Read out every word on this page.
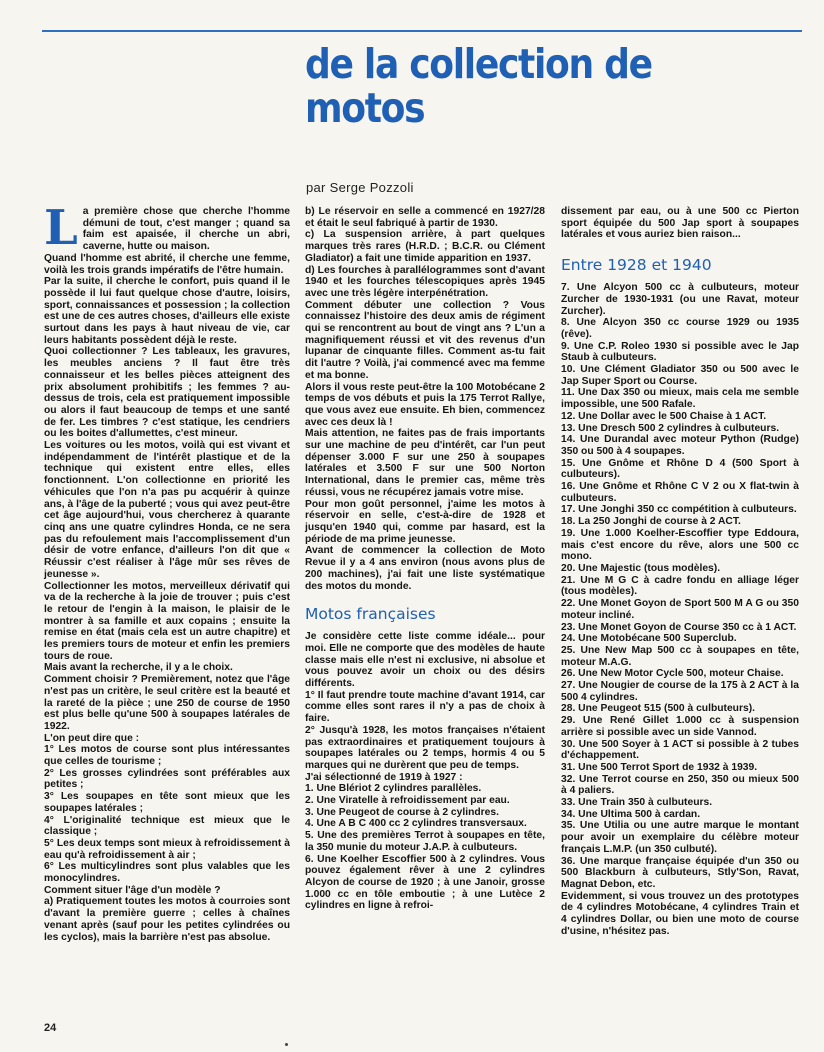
de la collection de motos
par Serge Pozzoli
L a première chose que cherche l'homme démuni de tout, c'est manger ; quand sa faim est apaisée, il cherche un abri, caverne, hutte ou maison.

Quand l'homme est abrité, il cherche une femme, voilà les trois grands impératifs de l'être humain.

Par la suite, il cherche le confort, puis quand il le possède il lui faut quelque chose d'autre, loisirs, sport, connaissances et possession ; la collection est une de ces autres choses, d'ailleurs elle existe surtout dans les pays à haut niveau de vie, car leurs habitants possèdent déjà le reste.

Quoi collectionner ? Les tableaux, les gravures, les meubles anciens ? Il faut être très connaisseur et les belles pièces atteignent des prix absolument prohibitifs ; les femmes ? au-dessus de trois, cela est pratiquement impossible ou alors il faut beaucoup de temps et une santé de fer. Les timbres ? c'est statique, les cendriers ou les boites d'allumettes, c'est mineur.

Les voitures ou les motos, voilà qui est vivant et indépendamment de l'intérêt plastique et de la technique qui existent entre elles, elles fonctionnent. L'on collectionne en priorité les véhicules que l'on n'a pas pu acquérir à quinze ans, à l'âge de la puberté ; vous qui avez peut-être cet âge aujourd'hui, vous chercherez à quarante cinq ans une quatre cylindres Honda, ce ne sera pas du refoulement mais l'accomplissement d'un désir de votre enfance, d'ailleurs l'on dit que « Réussir c'est réaliser à l'âge mûr ses rêves de jeunesse ».

Collectionner les motos, merveilleux dérivatif qui va de la recherche à la joie de trouver ; puis c'est le retour de l'engin à la maison, le plaisir de le montrer à sa famille et aux copains ; ensuite la remise en état (mais cela est un autre chapitre) et les premiers tours de moteur et enfin les premiers tours de roue.

Mais avant la recherche, il y a le choix.

Comment choisir ? Premièrement, notez que l'âge n'est pas un critère, le seul critère est la beauté et la rareté de la pièce ; une 250 de course de 1950 est plus belle qu'une 500 à soupapes latérales de 1922.

L'on peut dire que :

1° Les motos de course sont plus intéressantes que celles de tourisme ;

2° Les grosses cylindrées sont préférables aux petites ;

3° Les soupapes en tête sont mieux que les soupapes latérales ;

4° L'originalité technique est mieux que le classique ;

5° Les deux temps sont mieux à refroidissement à eau qu'à refroidissement à air ;

6° Les multicylindres sont plus valables que les monocylindres.

Comment situer l'âge d'un modèle ?

a) Pratiquement toutes les motos à courroies sont d'avant la première guerre ; celles à chaînes venant après (sauf pour les petites cylindrées ou les cyclos), mais la barrière n'est pas absolue.

b) Le réservoir en selle a commencé en 1927/28 et était le seul fabriqué à partir de 1930.

c) La suspension arrière, à part quelques marques très rares (H.R.D. ; B.C.R. ou Clément Gladiator) a fait une timide apparition en 1937.

d) Les fourches à parallélogrammes sont d'avant 1940 et les fourches télescopiques après 1945 avec une très légère interpénétration.

Comment débuter une collection ? Vous connaissez l'histoire des deux amis de régiment qui se rencontrent au bout de vingt ans ? L'un a magnifiquement réussi et vit des revenus d'un lupanar de cinquante filles. Comment as-tu fait dit l'autre ? Voilà, j'ai commencé avec ma femme et ma bonne.

Alors il vous reste peut-être la 100 Motobécane 2 temps de vos débuts et puis la 175 Terrot Rallye, que vous avez eue ensuite. Eh bien, commencez avec ces deux là !

Mais attention, ne faites pas de frais importants sur une machine de peu d'intérêt, car l'un peut dépenser 3.000 F sur une 250 à soupapes latérales et 3.500 F sur une 500 Norton International, dans le premier cas, même très réussi, vous ne récupérez jamais votre mise.

Pour mon goût personnel, j'aime les motos à réservoir en selle, c'est-à-dire de 1928 et jusqu'en 1940 qui, comme par hasard, est la période de ma prime jeunesse.

Avant de commencer la collection de Moto Revue il y a 4 ans environ (nous avons plus de 200 machines), j'ai fait une liste systématique des motos du monde.

Motos françaises

Je considère cette liste comme idéale... pour moi. Elle ne comporte que des modèles de haute classe mais elle n'est ni exclusive, ni absolue et vous pouvez avoir un choix ou des désirs différents.

1° Il faut prendre toute machine d'avant 1914, car comme elles sont rares il n'y a pas de choix à faire.

2° Jusqu'à 1928, les motos françaises n'étaient pas extraordinaires et pratiquement toujours à soupapes latérales ou 2 temps, hormis 4 ou 5 marques qui ne durèrent que peu de temps.

J'ai sélectionné de 1919 à 1927 :

1. Une Blériot 2 cylindres parallèles.

2. Une Viratelle à refroidissement par eau.

3. Une Peugeot de course à 2 cylindres.

4. Une A B C 400 cc 2 cylindres transversaux.

5. Une des premières Terrot à soupapes en tête, la 350 munie du moteur J.A.P. à culbuteurs.

6. Une Koelher Escoffier 500 à 2 cylindres. Vous pouvez également rêver à une 2 cylindres Alcyon de course de 1920 ; à une Janoir, grosse 1.000 cc en tôle emboutie ; à une Lutèce 2 cylindres en ligne à refroi-

dissement par eau, ou à une 500 cc Pierton sport équipée du 500 Jap sport à soupapes latérales et vous auriez bien raison...

Entre 1928 et 1940

7. Une Alcyon 500 cc à culbuteurs, moteur Zurcher de 1930-1931 (ou une Ravat, moteur Zurcher).

8. Une Alcyon 350 cc course 1929 ou 1935 (rêve).

9. Une C.P. Roleo 1930 si possible avec le Jap Staub à culbuteurs.

10. Une Clément Gladiator 350 ou 500 avec le Jap Super Sport ou Course.

11. Une Dax 350 ou mieux, mais cela me semble impossible, une 500 Rafale.

12. Une Dollar avec le 500 Chaise à 1 ACT.

13. Une Dresch 500 2 cylindres à culbuteurs.

14. Une Durandal avec moteur Python (Rudge) 350 ou 500 à 4 soupapes.

15. Une Gnôme et Rhône D 4 (500 Sport à culbuteurs).

16. Une Gnôme et Rhône C V 2 ou X flat-twin à culbuteurs.

17. Une Jonghi 350 cc compétition à culbuteurs.

18. La 250 Jonghi de course à 2 ACT.

19. Une 1.000 Koelher-Escoffier type Eddoura, mais c'est encore du rêve, alors une 500 cc mono.

20. Une Majestic (tous modèles).

21. Une M G C à cadre fondu en alliage léger (tous modèles).

22. Une Monet Goyon de Sport 500 M A G ou 350 moteur incliné.

23. Une Monet Goyon de Course 350 cc à 1 ACT.

24. Une Motobécane 500 Superclub.

25. Une New Map 500 cc à soupapes en tête, moteur M.A.G.

26. Une New Motor Cycle 500, moteur Chaise.

27. Une Nougier de course de la 175 à 2 ACT à la 500 4 cylindres.

28. Une Peugeot 515 (500 à culbuteurs).

29. Une René Gillet 1.000 cc à suspension arrière si possible avec un side Vannod.

30. Une 500 Soyer à 1 ACT si possible à 2 tubes d'échappement.

31. Une 500 Terrot Sport de 1932 à 1939.

32. Une Terrot course en 250, 350 ou mieux 500 à 4 paliers.

33. Une Train 350 à culbuteurs.

34. Une Ultima 500 à cardan.

35. Une Utilia ou une autre marque le montant pour avoir un exemplaire du célèbre moteur français L.M.P. (un 350 culbuté).

36. Une marque française équipée d'un 350 ou 500 Blackburn à culbuteurs, Stly'Son, Ravat, Magnat Debon, etc.

Evidemment, si vous trouvez un des prototypes de 4 cylindres Motobécane, 4 cylindres Train et 4 cylindres Dollar, ou bien une moto de course d'usine, n'hésitez pas.

24
